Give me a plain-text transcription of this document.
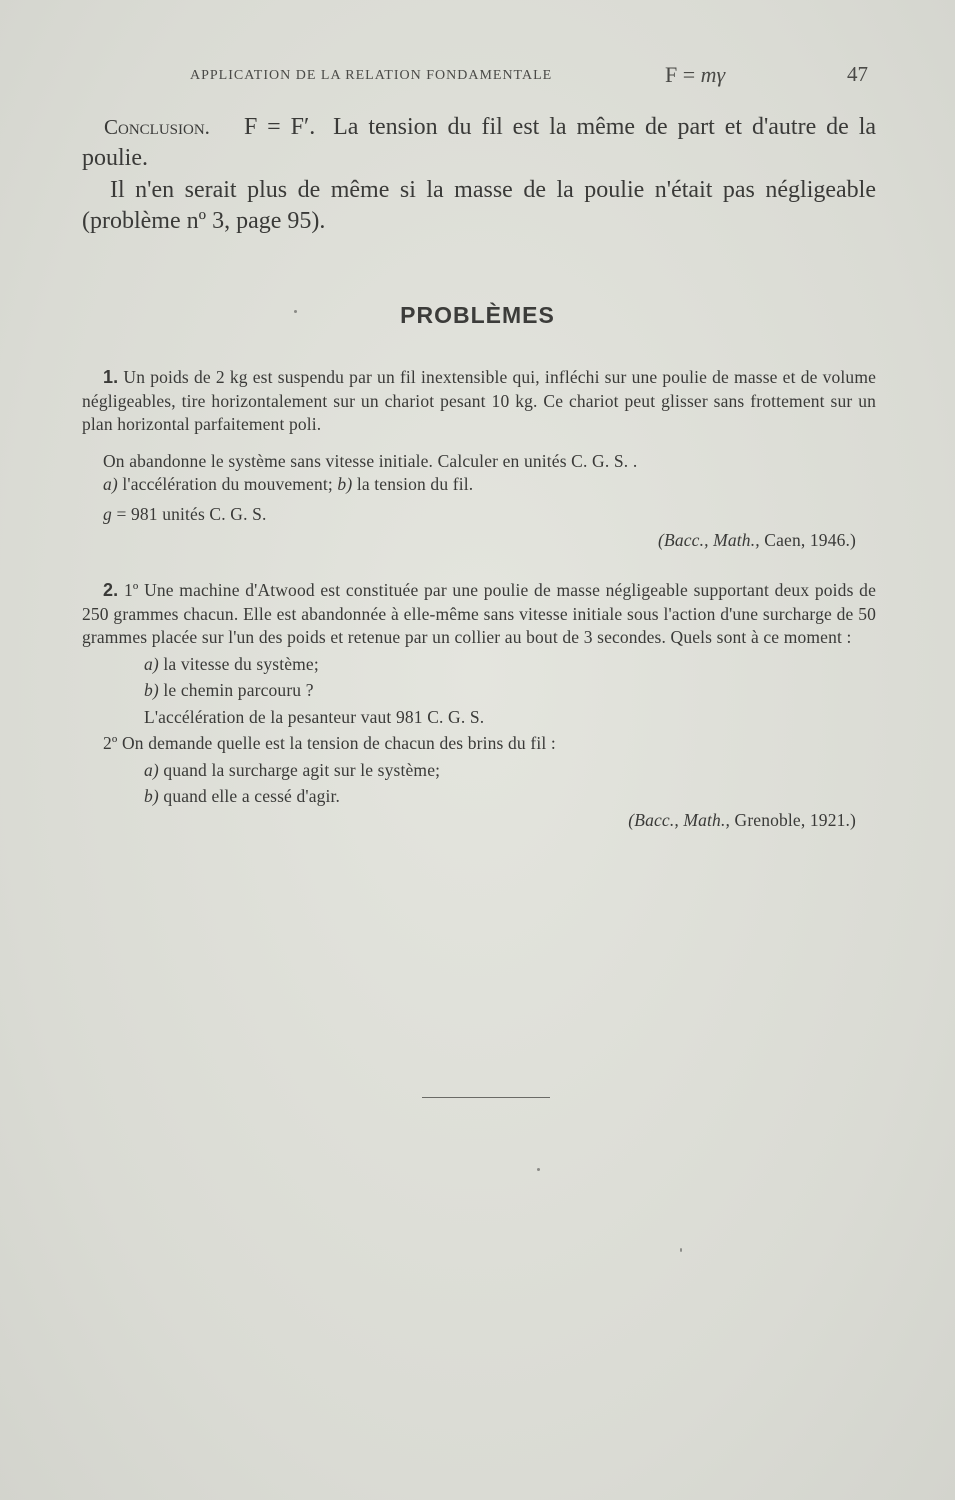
APPLICATION DE LA RELATION FONDAMENTALE	F = mγ	47
Conclusion. F = F′. La tension du fil est la même de part et d'autre de la poulie.
Il n'en serait plus de même si la masse de la poulie n'était pas négligeable (problème nº 3, page 95).
PROBLÈMES
1. Un poids de 2 kg est suspendu par un fil inextensible qui, infléchi sur une poulie de masse et de volume négligeables, tire horizontalement sur un chariot pesant 10 kg. Ce chariot peut glisser sans frottement sur un plan horizontal parfaitement poli.
On abandonne le système sans vitesse initiale. Calculer en unités C. G. S. .
a) l'accélération du mouvement; b) la tension du fil.
g = 981 unités C. G. S.
(Bacc., Math., Caen, 1946.)
2. 1º Une machine d'Atwood est constituée par une poulie de masse négligeable supportant deux poids de 250 grammes chacun. Elle est abandonnée à elle-même sans vitesse initiale sous l'action d'une surcharge de 50 grammes placée sur l'un des poids et retenue par un collier au bout de 3 secondes. Quels sont à ce moment :
a) la vitesse du système;
b) le chemin parcouru ?
L'accélération de la pesanteur vaut 981 C. G. S.
2º On demande quelle est la tension de chacun des brins du fil :
a) quand la surcharge agit sur le système;
b) quand elle a cessé d'agir.
(Bacc., Math., Grenoble, 1921.)
